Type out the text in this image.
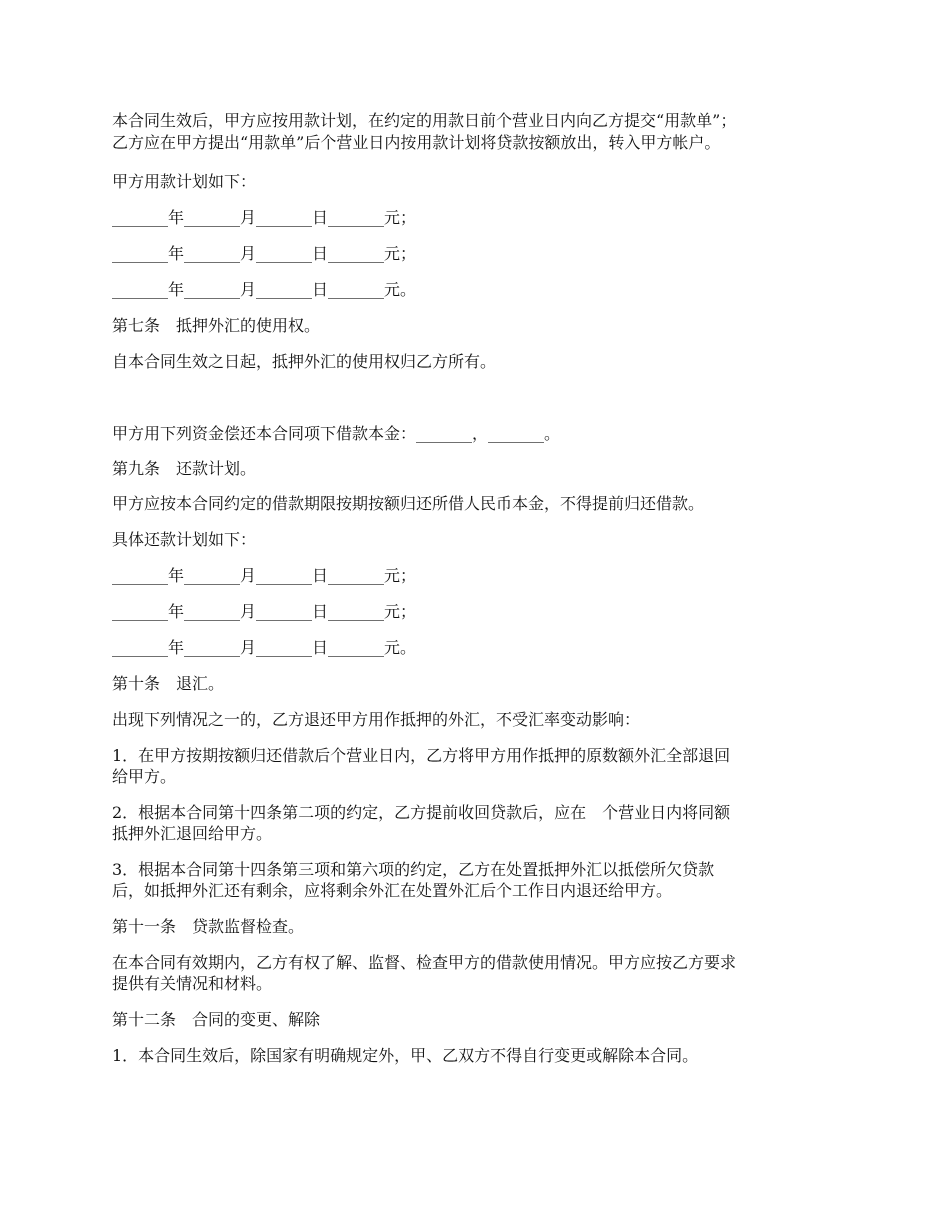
本合同生效后，甲方应按用款计划，在约定的用款日前个营业日内向乙方提交“用款单”；
乙方应在甲方提出“用款单”后个营业日内按用款计划将贷款按额放出，转入甲方帐户。
甲方用款计划如下：
_______年_______月_______日_______元；
_______年_______月_______日_______元；
_______年_______月_______日_______元。
第七条　抵押外汇的使用权。
自本合同生效之日起，抵押外汇的使用权归乙方所有。
甲方用下列资金偿还本合同项下借款本金：_______，_______。
第九条　还款计划。
甲方应按本合同约定的借款期限按期按额归还所借人民币本金，不得提前归还借款。
具体还款计划如下：
_______年_______月_______日_______元；
_______年_______月_______日_______元；
_______年_______月_______日_______元。
第十条　退汇。
出现下列情况之一的，乙方退还甲方用作抵押的外汇，不受汇率变动影响：
1．在甲方按期按额归还借款后个营业日内，乙方将甲方用作抵押的原数额外汇全部退回
给甲方。
2．根据本合同第十四条第二项的约定，乙方提前收回贷款后，应在　个营业日内将同额
抵押外汇退回给甲方。
3．根据本合同第十四条第三项和第六项的约定，乙方在处置抵押外汇以抵偿所欠贷款
后，如抵押外汇还有剩余，应将剩余外汇在处置外汇后个工作日内退还给甲方。
第十一条　贷款监督检查。
在本合同有效期内，乙方有权了解、监督、检查甲方的借款使用情况。甲方应按乙方要求
提供有关情况和材料。
第十二条　合同的变更、解除
1．本合同生效后，除国家有明确规定外，甲、乙双方不得自行变更或解除本合同。
